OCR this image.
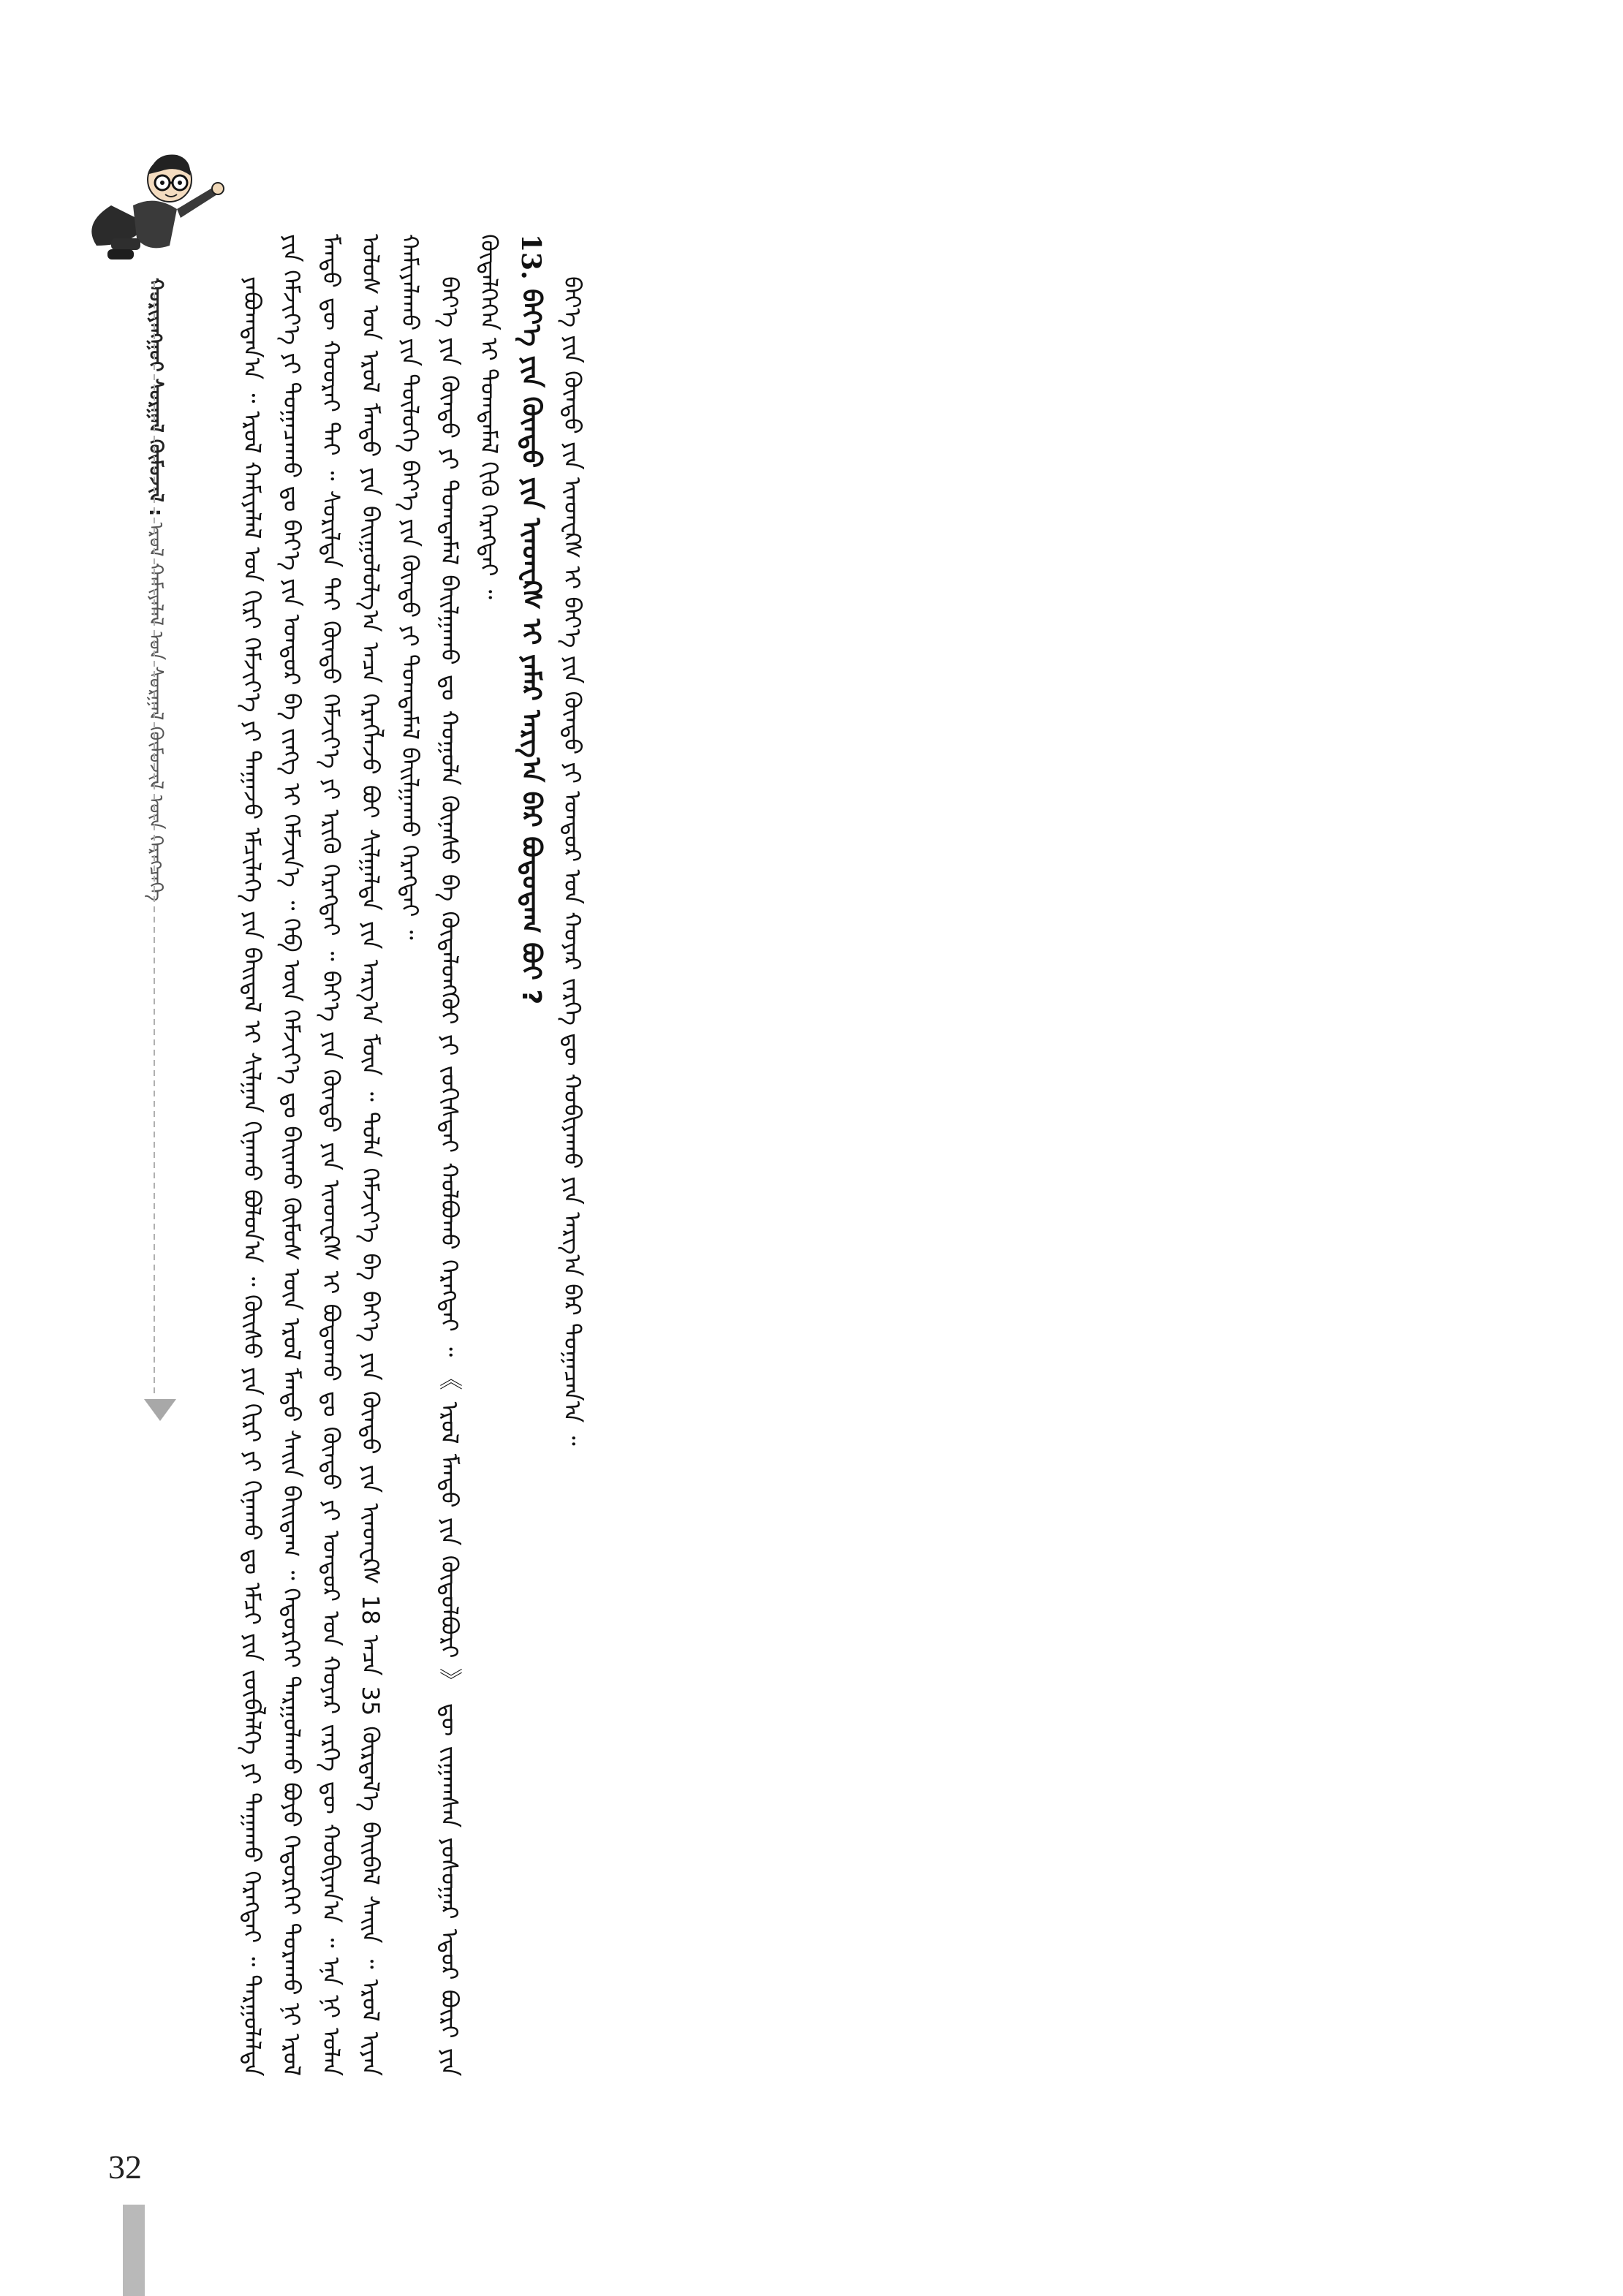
ᠬᠤᠷᠢᠶᠠᠩᠭᠤᠢ ᠰᠤᠷᠭᠠᠯ ᠬᠦᠮᠦᠵᠢᠯ : ᠡᠷᠦᠯ ᠬᠠᠮᠢᠶᠠᠯᠠᠯ ᠤᠨ ᠰᠤᠷᠭᠠᠯ ᠬᠦᠮᠦᠵᠢᠯ ᠦᠨ ᠬᠡᠷᠡᠭᠴᠡᠭᠡ	ᠶᠠᠪᠤᠭᠳᠠᠨ᠎ᠠ ᠃ ᠡᠷᠦᠯ ᠬᠠᠮᠢᠶᠠᠯᠠᠯ ᠤᠨ ᠬᠢᠷᠢ ᠬᠡᠮᠵᠢᠶ᠎ᠡ ᠶᠢ ᠳᠠᠭᠠᠵᠤ ᠡᠮᠴᠢᠯᠡᠭᠡ ᠶᠢᠨ ᠪᠠᠢᠳᠠᠯ ᠢ ᠰᠢᠯᠭᠠᠨ ᠬᠢᠨᠠᠬᠤ ᠪᠤᠯᠤᠨ᠎ᠠ ᠃ ᠬᠦᠢᠰᠦ ᠶᠢᠨ ᠬᠢᠷᠢ ᠶᠢ ᠬᠢᠨᠠᠬᠤ ᠳᠤ ᠡᠮᠴᠢ ᠶᠢᠨ ᠵᠦᠪᠯᠡᠯᠭᠡ ᠶᠢ ᠳᠠᠭᠠᠬᠤ ᠬᠡᠷᠡᠭᠲᠡᠢ ᠃ ᠲᠠᠷᠭᠤᠯᠠᠯᠲᠠ ᠶᠢᠨ ᠬᠡᠮᠵᠢᠶ᠎ᠡ ᠶᠢ ᠲᠣᠭᠠᠴᠠᠬᠤ ᠳᠤ ᠪᠡᠶ᠎ᠡ ᠶᠢᠨ ᠤᠨᠳᠤᠷ ᠪᠠ ᠵᠢᠩᠭ ᠢ ᠬᠡᠮᠵᠢᠨ᠎ᠡ ᠃ ᠬᠡᠪ ᠦᠨ ᠬᠡᠮᠵᠢᠶ᠎ᠡ ᠳᠤ ᠪᠠᠢᠬᠤ ᠬᠦᠮᠦᠰ ᠦᠨ ᠡᠷᠦᠯ ᠮᠡᠨᠳᠦ ᠰᠠᠢᠨ ᠪᠠᠢᠳᠠᠭ ᠃ ᠬᠡᠲᠦᠷᠬᠡᠢ ᠲᠠᠷᠭᠤᠯᠠᠬᠤ ᠪᠤᠶᠤ ᠬᠡᠲᠦᠷᠬᠡᠢ ᠲᠤᠷᠠᠬᠤ ᠨᠢ ᠡᠷᠦᠯ ᠮᠡᠨᠳᠦ ᠳᠦ ᠬᠣᠣᠷᠠᠢ ᠲᠠᠢ ᠃ ᠰᠣᠷᠢᠯᠲᠠ ᠲᠠᠢ ᠬᠦᠨᠳᠦ ᠬᠡᠮᠵᠢᠶ᠎ᠡ ᠶᠢ ᠡᠷᠢᠬᠦ ᠬᠡᠷᠡᠭᠲᠡᠢ ᠃ ᠪᠡᠶ᠎ᠡ ᠶᠢᠨ ᠬᠦᠨᠳᠦ ᠶᠢᠨ ᠢᠨᠳᠸᠺᠰ ᠢ ᠪᠣᠳᠣᠬᠤ ᠳᠤ ᠬᠦᠨᠳᠦ ᠶᠢ ᠤᠨᠳᠤᠷ ᠤᠨ ᠬᠣᠶᠠᠷ ᠵᠡᠷᠭᠡ ᠳᠦ ᠬᠤᠪᠢᠶᠠᠨ᠎ᠠ ᠃ ᠡᠨᠡ ᠨᠢ ᠣᠯᠠᠨ ᠤᠯᠤᠰ ᠤᠨ ᠡᠷᠦᠯ ᠮᠡᠨᠳᠦ ᠶᠢᠨ ᠪᠠᠢᠭᠤᠯᠤᠯᠭ᠎ᠠ ᠠᠴᠠ ᠬᠡᠷᠡᠭᠯᠡᠵᠦ ᠪᠤᠢ ᠰᠢᠯᠭᠠᠯᠲᠠ ᠶᠢᠨ ᠠᠷᠭ᠎ᠠ ᠮᠥᠨ ᠃ ᠲᠣᠯᠠ ᠬᠡᠮᠵᠢᠶ᠎ᠡ ᠪᠠ ᠪᠡᠶ᠎ᠡ ᠶᠢᠨ ᠬᠦᠨᠳᠦ ᠶᠢᠨ ᠢᠨᠳᠸᠺᠰ 18 ᠠᠴᠠ 35 ᠬᠦᠷᠲᠡᠯ᠎ᠡ ᠪᠠᠢᠪᠠᠯ ᠰᠠᠢᠨ ᠃ ᠡᠷᠦᠯ ᠢᠶᠡᠨ ᠬᠠᠮᠢᠶᠠᠯᠠᠬᠤ ᠶᠢᠨ ᠲᠥᠯᠥᠭᠡ ᠪᠡᠶ᠎ᠡ ᠶᠢᠨ ᠬᠦᠨᠳᠦ ᠶᠢ ᠲᠣᠭᠲᠠᠮᠠᠯ ᠪᠠᠢᠯᠭᠠᠬᠤ ᠬᠡᠷᠡᠭᠲᠡᠢ ᠃ ᠪᠡᠶ᠎ᠡ ᠶᠢᠨ ᠬᠦᠨᠳᠦ ᠶᠢ ᠲᠣᠭᠲᠠᠮᠠᠯ ᠪᠠᠢᠯᠭᠠᠬᠤ ᠳᠤ ᠬᠣᠭᠤᠯᠠ ᠬᠦᠨᠡᠰᠦ ᠪᠠ ᠬᠥᠳᠡᠯᠦᠩᠭᠦᠢ ᠶᠢ ᠵᠣᠬᠢᠰᠲᠠᠢ ᠬᠣᠯᠪᠣᠬᠤ ᠬᠡᠷᠡᠭᠲᠡᠢ ᠃ 《 ᠡᠷᠦᠯ ᠮᠡᠨᠳᠦ ᠶᠢᠨ ᠬᠥᠲᠥᠯᠪᠦᠷᠢ 》 ᠳᠦ ᠵᠢᠭᠠᠭᠰᠠᠨ ᠶᠣᠰᠣᠭᠠᠷ ᠡᠳᠦᠷ ᠪᠦᠷᠢ ᠶᠢᠨ ᠬᠥᠳᠡᠯᠭᠡᠭᠡᠨ ᠢ ᠲᠣᠭᠲᠠᠮᠠᠯ ᠬᠢᠬᠦ ᠬᠡᠷᠡᠭᠲᠡᠢ ᠃ 13. ᠪᠡᠶ᠎ᠡ ᠶᠢᠨ ᠬᠦᠨᠳᠦ ᠶᠢᠨ ᠢᠨᠳᠸᠺᠰ ᠢ ᠶᠠᠮᠠᠷ ᠠᠷᠭ᠎ᠠ ᠪᠠᠷ ᠪᠣᠳᠣᠳᠠᠭ ᠪᠤᠢ ? ᠪᠡᠶ᠎ᠡ ᠶᠢᠨ ᠬᠦᠨᠳᠦ ᠶᠢᠨ ᠢᠨᠳᠸᠺᠰ ᠢ ᠪᠡᠶ᠎ᠡ ᠶᠢᠨ ᠬᠦᠨᠳᠦ ᠶᠢ ᠤᠨᠳᠤᠷ ᠤᠨ ᠬᠣᠶᠠᠷ ᠵᠡᠷᠭᠡ ᠳᠦ ᠬᠤᠪᠢᠶᠠᠬᠤ ᠶᠢᠨ ᠠᠷᠭ᠎ᠠ ᠪᠠᠷ ᠲᠣᠭᠠᠴᠠᠨ᠎ᠠ ᠃

32
